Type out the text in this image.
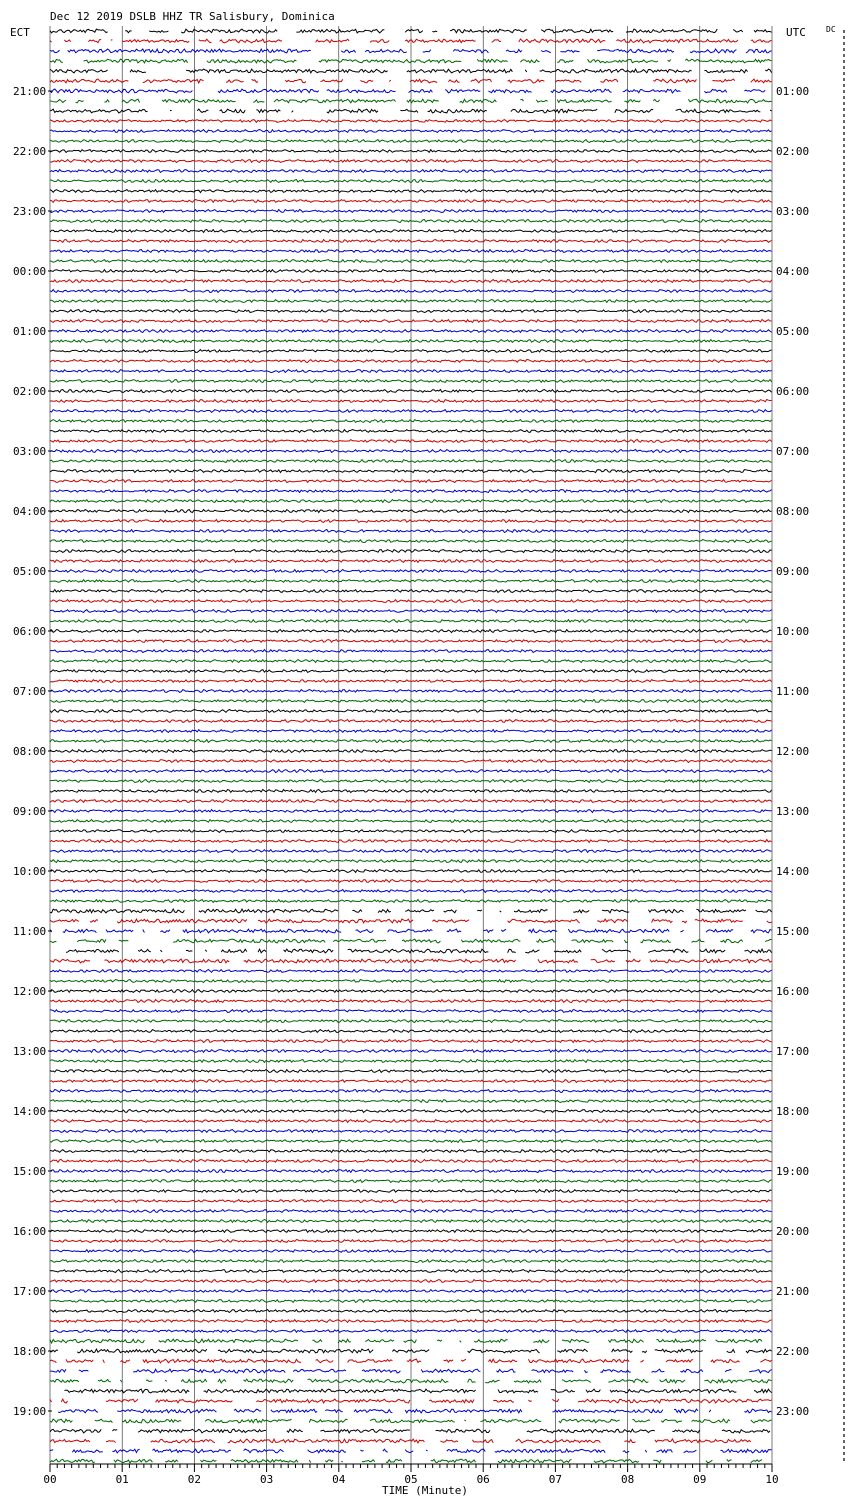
Dec 12 2019 DSLB HHZ TR Salisbury, Dominica
ECT	UTC	DC
21:00
22:00
23:00
00:00
01:00
02:00
03:00
04:00
05:00
06:00
07:00
08:00
09:00
10:00
11:00
12:00
13:00
14:00
15:00
16:00
17:00
18:00
19:00
01:00
02:00
03:00
04:00
05:00
06:00
07:00
08:00
09:00
10:00
11:00
12:00
13:00
14:00
15:00
16:00
17:00
18:00
19:00
20:00
21:00
22:00
23:00
00	01	02	03	04	05	06	07	08	09	10
TIME (Minute)
